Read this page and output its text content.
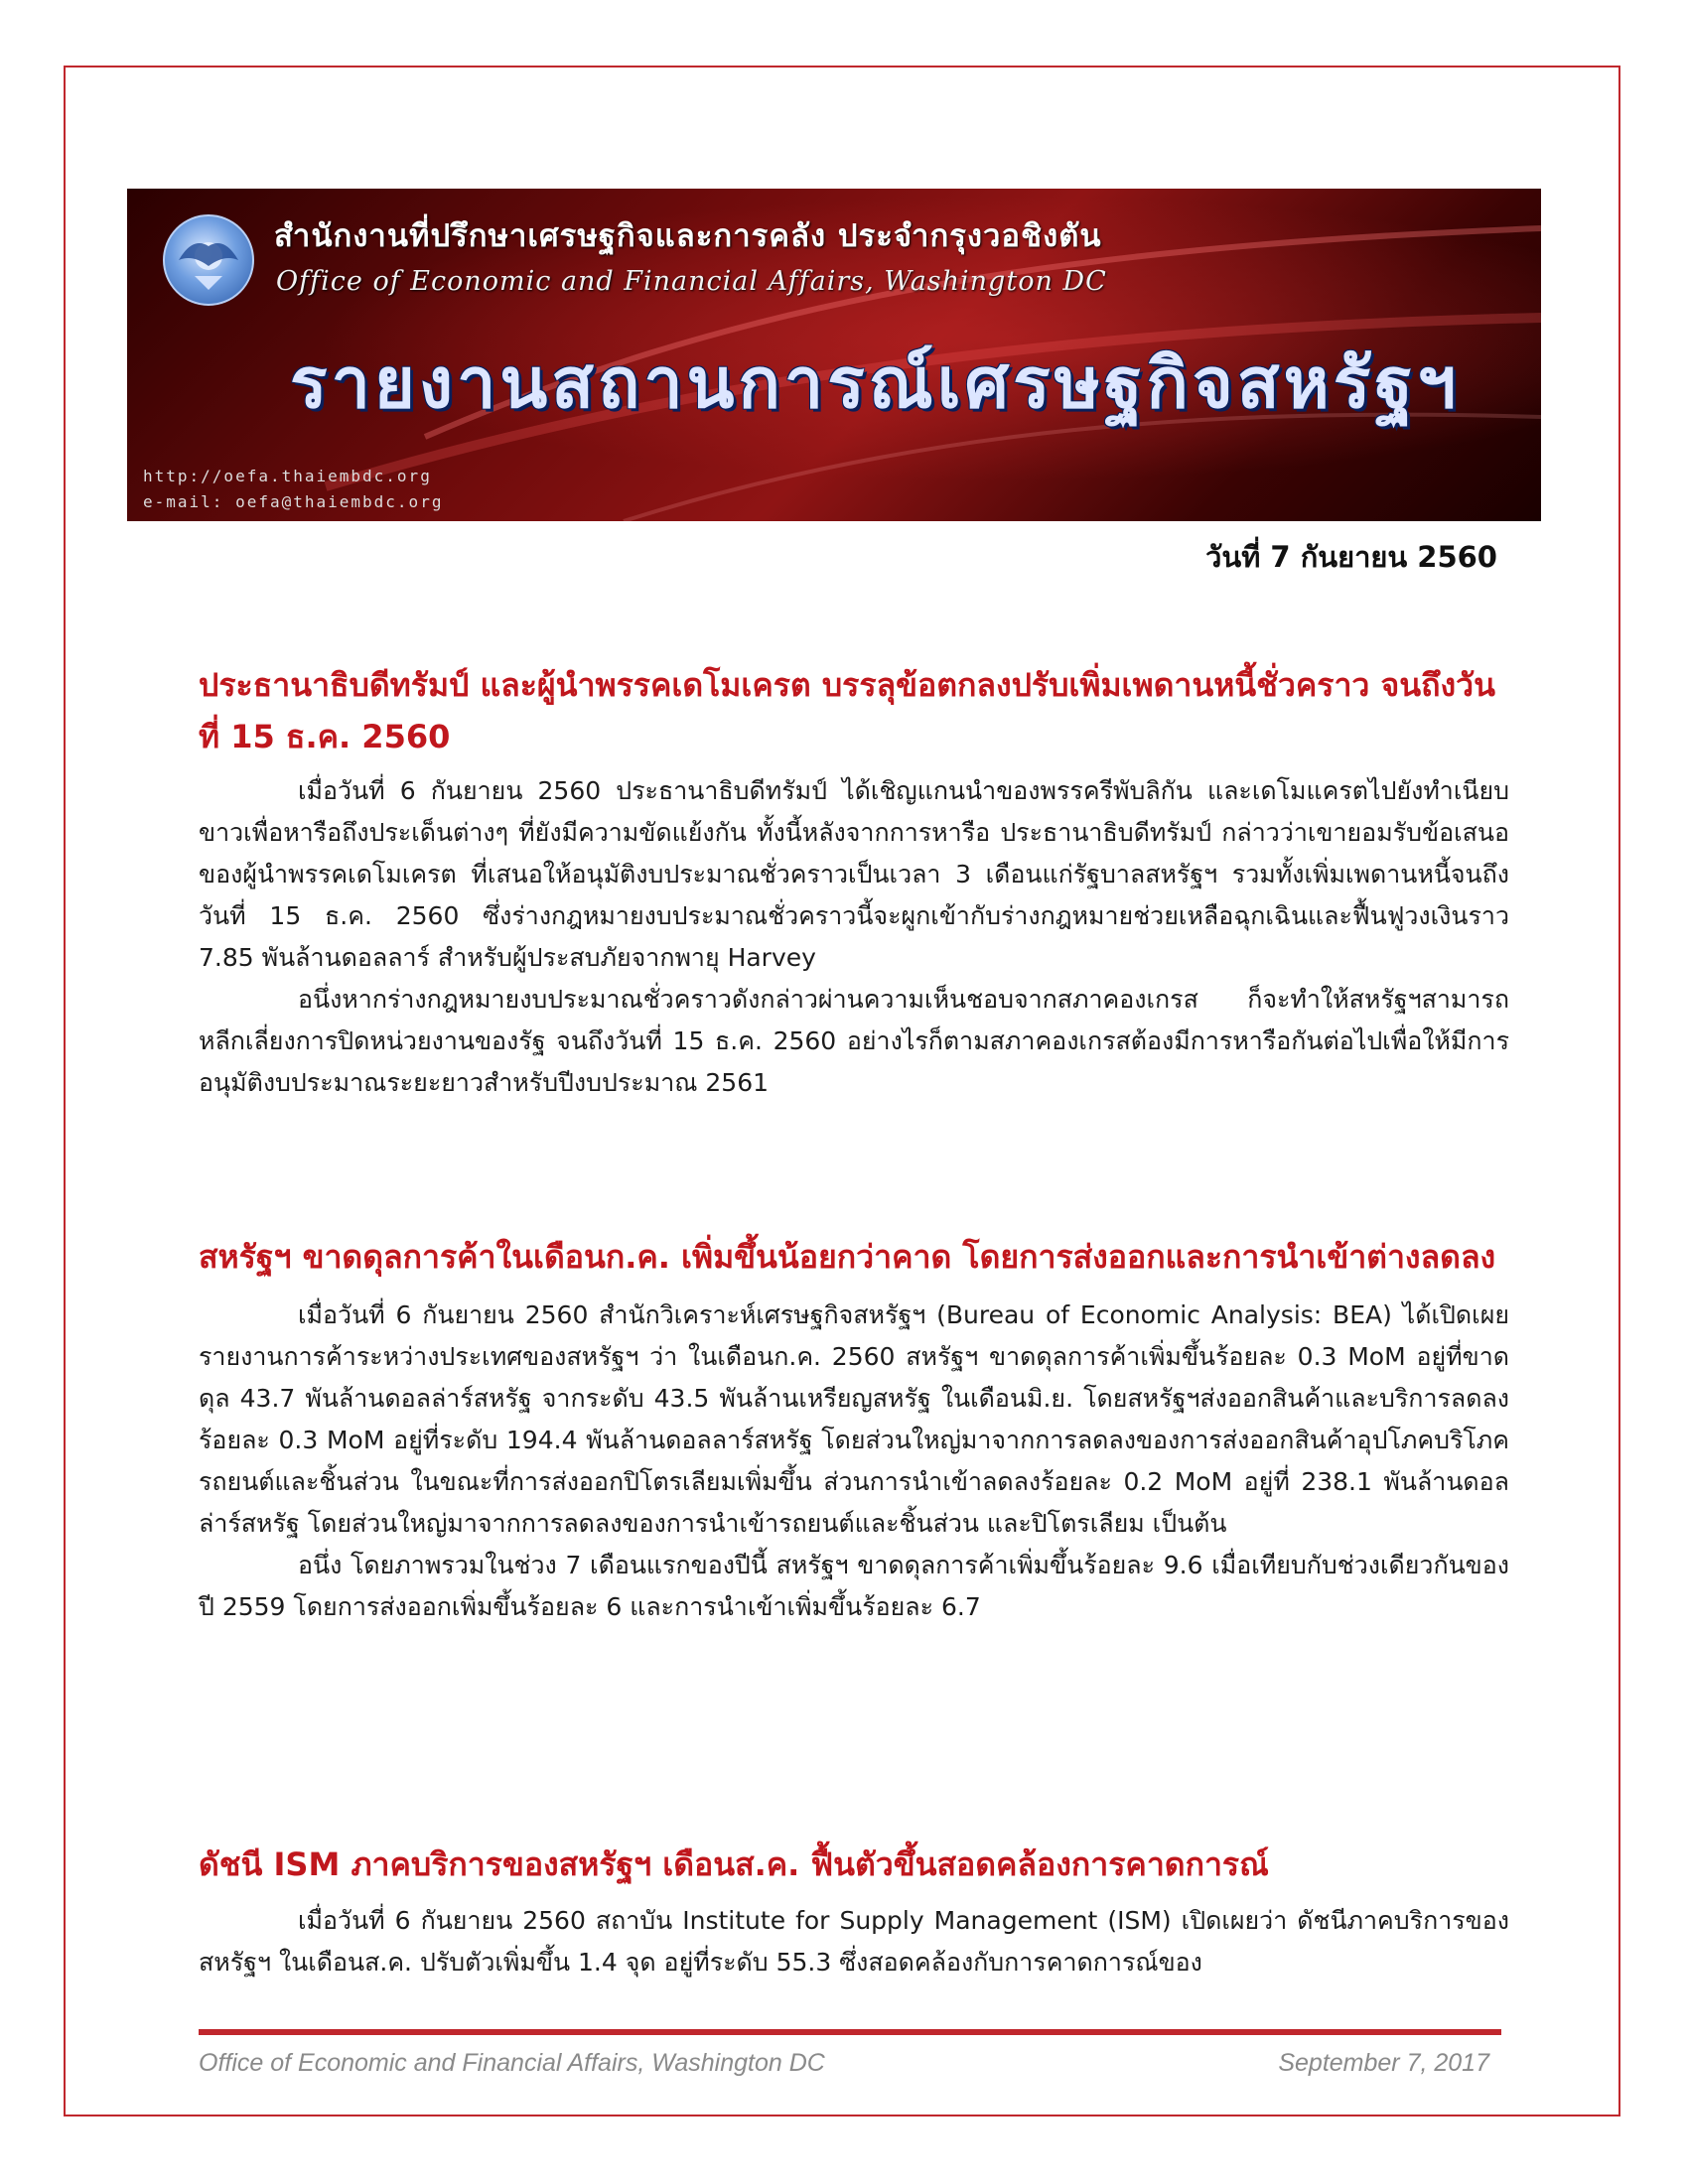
สำนักงานที่ปรึกษาเศรษฐกิจและการคลัง ประจำกรุงวอชิงตัน
Office of Economic and Financial Affairs, Washington DC
รายงานสถานการณ์เศรษฐกิจสหรัฐฯ
http://oefa.thaiembdc.org
e-mail: oefa@thaiembdc.org
วันที่ 7 กันยายน 2560

ประธานาธิบดีทรัมป์ และผู้นำพรรคเดโมเครต บรรลุข้อตกลงปรับเพิ่มเพดานหนี้ชั่วคราว จนถึงวันที่ 15 ธ.ค. 2560

เมื่อวันที่ 6 กันยายน 2560 ประธานาธิบดีทรัมป์ ได้เชิญแกนนำของพรรครีพับลิกัน และเดโมแครตไปยังทำเนียบขาวเพื่อหารือถึงประเด็นต่างๆ ที่ยังมีความขัดแย้งกัน ทั้งนี้หลังจากการหารือ ประธานาธิบดีทรัมป์ กล่าวว่าเขายอมรับข้อเสนอของผู้นำพรรคเดโมเครต ที่เสนอให้อนุมัติงบประมาณชั่วคราวเป็นเวลา 3 เดือนแก่รัฐบาลสหรัฐฯ รวมทั้งเพิ่มเพดานหนี้จนถึงวันที่ 15 ธ.ค. 2560 ซึ่งร่างกฎหมายงบประมาณชั่วคราวนี้จะผูกเข้ากับร่างกฎหมายช่วยเหลือฉุกเฉินและฟื้นฟูวงเงินราว 7.85 พันล้านดอลลาร์ สำหรับผู้ประสบภัยจากพายุ Harvey

อนึ่งหากร่างกฎหมายงบประมาณชั่วคราวดังกล่าวผ่านความเห็นชอบจากสภาคองเกรส ก็จะทำให้สหรัฐฯสามารถหลีกเลี่ยงการปิดหน่วยงานของรัฐ จนถึงวันที่ 15 ธ.ค. 2560 อย่างไรก็ตามสภาคองเกรสต้องมีการหารือกันต่อไปเพื่อให้มีการอนุมัติงบประมาณระยะยาวสำหรับปีงบประมาณ 2561

สหรัฐฯ ขาดดุลการค้าในเดือนก.ค. เพิ่มขึ้นน้อยกว่าคาด โดยการส่งออกและการนำเข้าต่างลดลง

เมื่อวันที่ 6 กันยายน 2560 สำนักวิเคราะห์เศรษฐกิจสหรัฐฯ (Bureau of Economic Analysis: BEA) ได้เปิดเผยรายงานการค้าระหว่างประเทศของสหรัฐฯ ว่า ในเดือนก.ค. 2560 สหรัฐฯ ขาดดุลการค้าเพิ่มขึ้นร้อยละ 0.3 MoM อยู่ที่ขาดดุล 43.7 พันล้านดอลล่าร์สหรัฐ จากระดับ 43.5 พันล้านเหรียญสหรัฐ ในเดือนมิ.ย. โดยสหรัฐฯส่งออกสินค้าและบริการลดลงร้อยละ 0.3 MoM อยู่ที่ระดับ 194.4 พันล้านดอลลาร์สหรัฐ โดยส่วนใหญ่มาจากการลดลงของการส่งออกสินค้าอุปโภคบริโภค รถยนต์และชิ้นส่วน ในขณะที่การส่งออกปิโตรเลียมเพิ่มขึ้น ส่วนการนำเข้าลดลงร้อยละ 0.2 MoM อยู่ที่ 238.1 พันล้านดอลล่าร์สหรัฐ โดยส่วนใหญ่มาจากการลดลงของการนำเข้ารถยนต์และชิ้นส่วน และปิโตรเลียม เป็นต้น

อนึ่ง โดยภาพรวมในช่วง 7 เดือนแรกของปีนี้ สหรัฐฯ ขาดดุลการค้าเพิ่มขึ้นร้อยละ 9.6 เมื่อเทียบกับช่วงเดียวกันของปี 2559 โดยการส่งออกเพิ่มขึ้นร้อยละ 6 และการนำเข้าเพิ่มขึ้นร้อยละ 6.7

ดัชนี ISM ภาคบริการของสหรัฐฯ เดือนส.ค. ฟื้นตัวขึ้นสอดคล้องการคาดการณ์

เมื่อวันที่ 6 กันยายน 2560 สถาบัน Institute for Supply Management (ISM) เปิดเผยว่า ดัชนีภาคบริการของสหรัฐฯ ในเดือนส.ค. ปรับตัวเพิ่มขึ้น 1.4 จุด อยู่ที่ระดับ 55.3 ซึ่งสอดคล้องกับการคาดการณ์ของ

Office of Economic and Financial Affairs, Washington DC	September 7, 2017
